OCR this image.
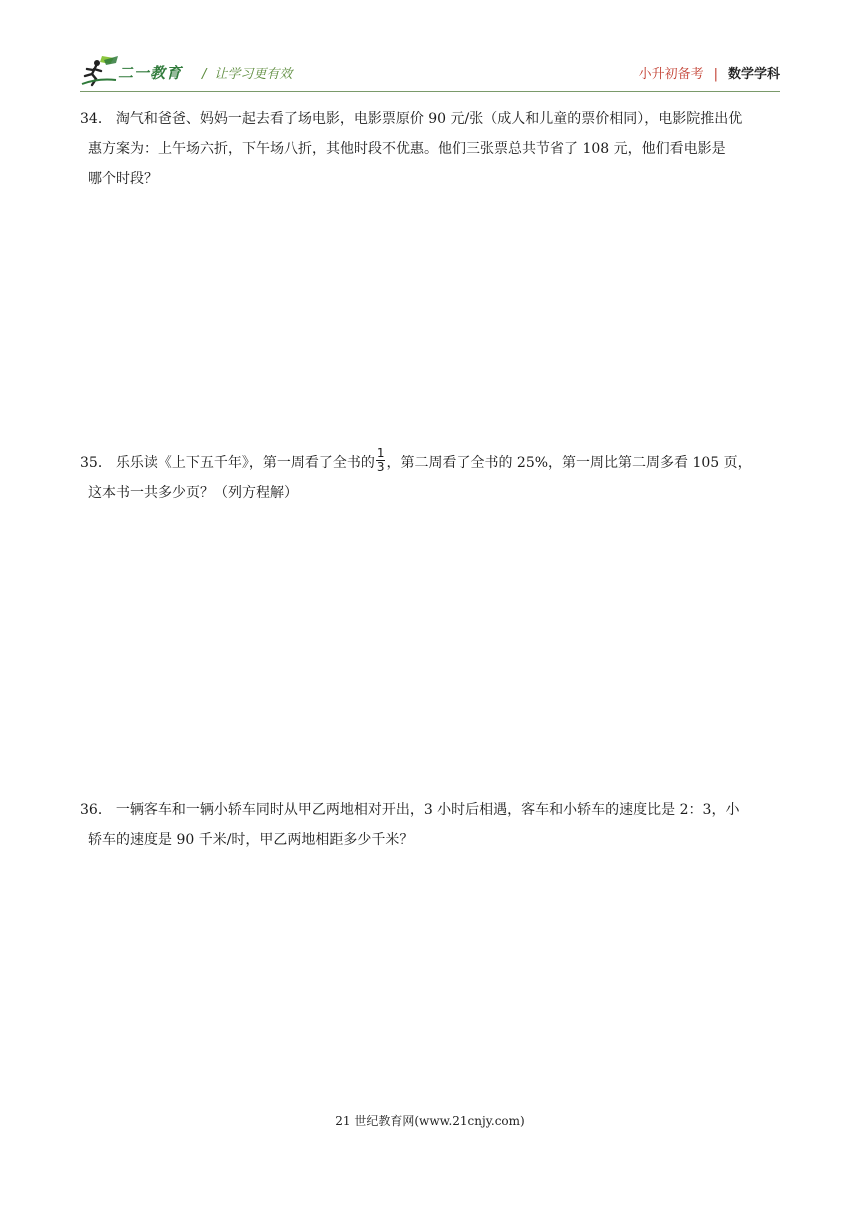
二一教育 / 让学习更有效	小升初备考 | 数学学科
34． 淘气和爸爸、妈妈一起去看了场电影，电影票原价 90 元/张（成人和儿童的票价相同），电影院推出优
惠方案为：上午场六折，下午场八折，其他时段不优惠。他们三张票总共节省了 108 元，他们看电影是
哪个时段？
35． 乐乐读《上下五千年》，第一周看了全书的 $\frac{1}{3}$ ，第二周看了全书的 25%，第一周比第二周多看 105 页，
这本书一共多少页？（列方程解）
36． 一辆客车和一辆小轿车同时从甲乙两地相对开出，3 小时后相遇，客车和小轿车的速度比是 2：3，小
轿车的速度是 90 千米/时，甲乙两地相距多少千米？
21 世纪教育网(www.21cnjy.com)
